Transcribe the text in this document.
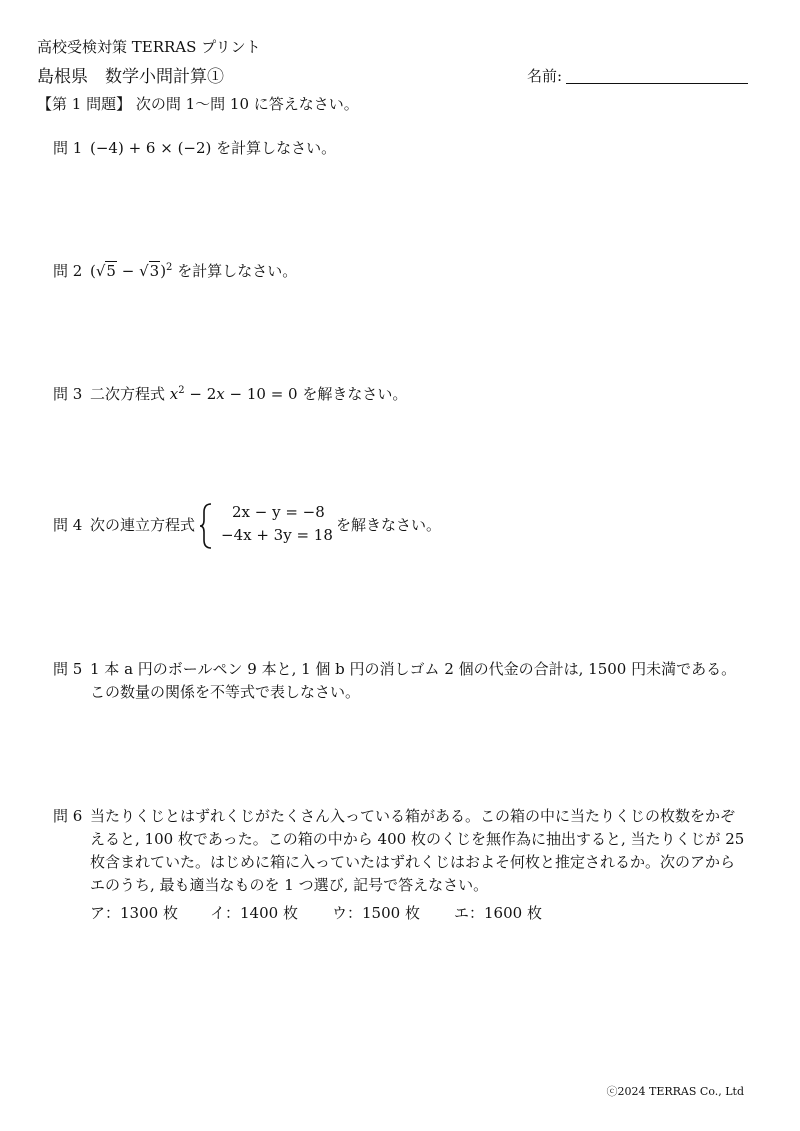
高校受検対策 TERRAS プリント
島根県　数学小問計算①	名前:
【第 1 問題】 次の問 1〜問 10 に答えなさい。
問 1 (−4) + 6 × (−2) を計算しなさい。
問 2 $(√5 - √3)^2$ を計算しなさい。
問 3 二次方程式 $x^2 - 2x - 10 = 0$ を解きなさい。
問 4 次の連立方程式
2x − y = −8
−4x + 3y = 18
を解きなさい。
問 5 1 本 a 円のボールペン 9 本と, 1 個 b 円の消しゴム 2 個の代金の合計は, 1500 円未満である。この数量の関係を不等式で表しなさい。
問 6 当たりくじとはずれくじがたくさん入っている箱がある。この箱の中に当たりくじの枚数をかぞえると, 100 枚であった。この箱の中から 400 枚のくじを無作為に抽出すると, 当たりくじが 25 枚含まれていた。はじめに箱に入っていたはずれくじはおよそ何枚と推定されるか。次のアからエのうち, 最も適当なものを 1 つ選び, 記号で答えなさい。
ア：1300 枚 イ：1400 枚 ウ：1500 枚 エ：1600 枚
ⓒ2024 TERRAS Co., Ltd
